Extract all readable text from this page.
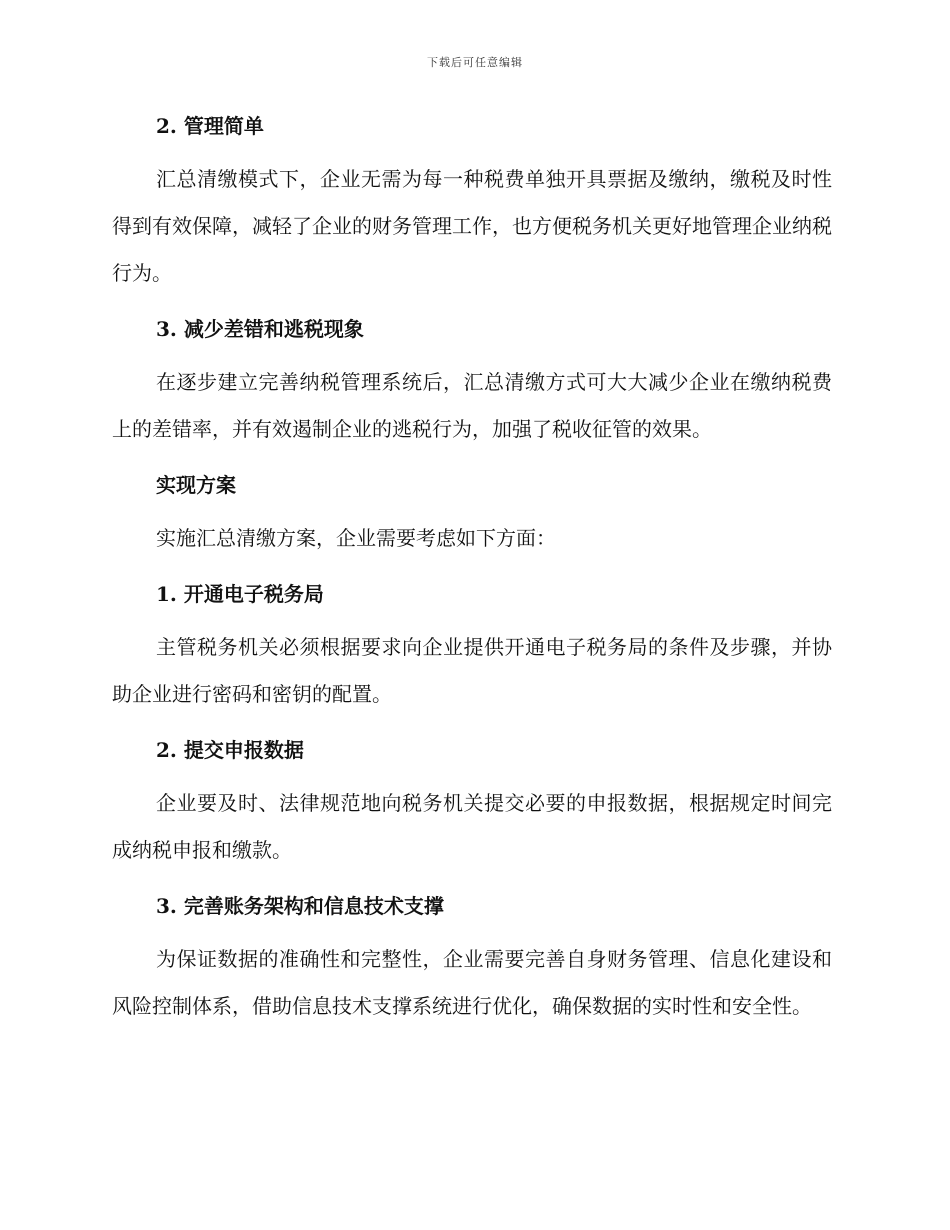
下载后可任意编辑
2. 管理简单

汇总清缴模式下，企业无需为每一种税费单独开具票据及缴纳，缴税及时性得到有效保障，减轻了企业的财务管理工作，也方便税务机关更好地管理企业纳税行为。

3. 减少差错和逃税现象

在逐步建立完善纳税管理系统后，汇总清缴方式可大大减少企业在缴纳税费上的差错率，并有效遏制企业的逃税行为，加强了税收征管的效果。

实现方案

实施汇总清缴方案，企业需要考虑如下方面：

1. 开通电子税务局

主管税务机关必须根据要求向企业提供开通电子税务局的条件及步骤，并协助企业进行密码和密钥的配置。

2. 提交申报数据

企业要及时、法律规范地向税务机关提交必要的申报数据，根据规定时间完成纳税申报和缴款。

3. 完善账务架构和信息技术支撑

为保证数据的准确性和完整性，企业需要完善自身财务管理、信息化建设和风险控制体系，借助信息技术支撑系统进行优化，确保数据的实时性和安全性。
